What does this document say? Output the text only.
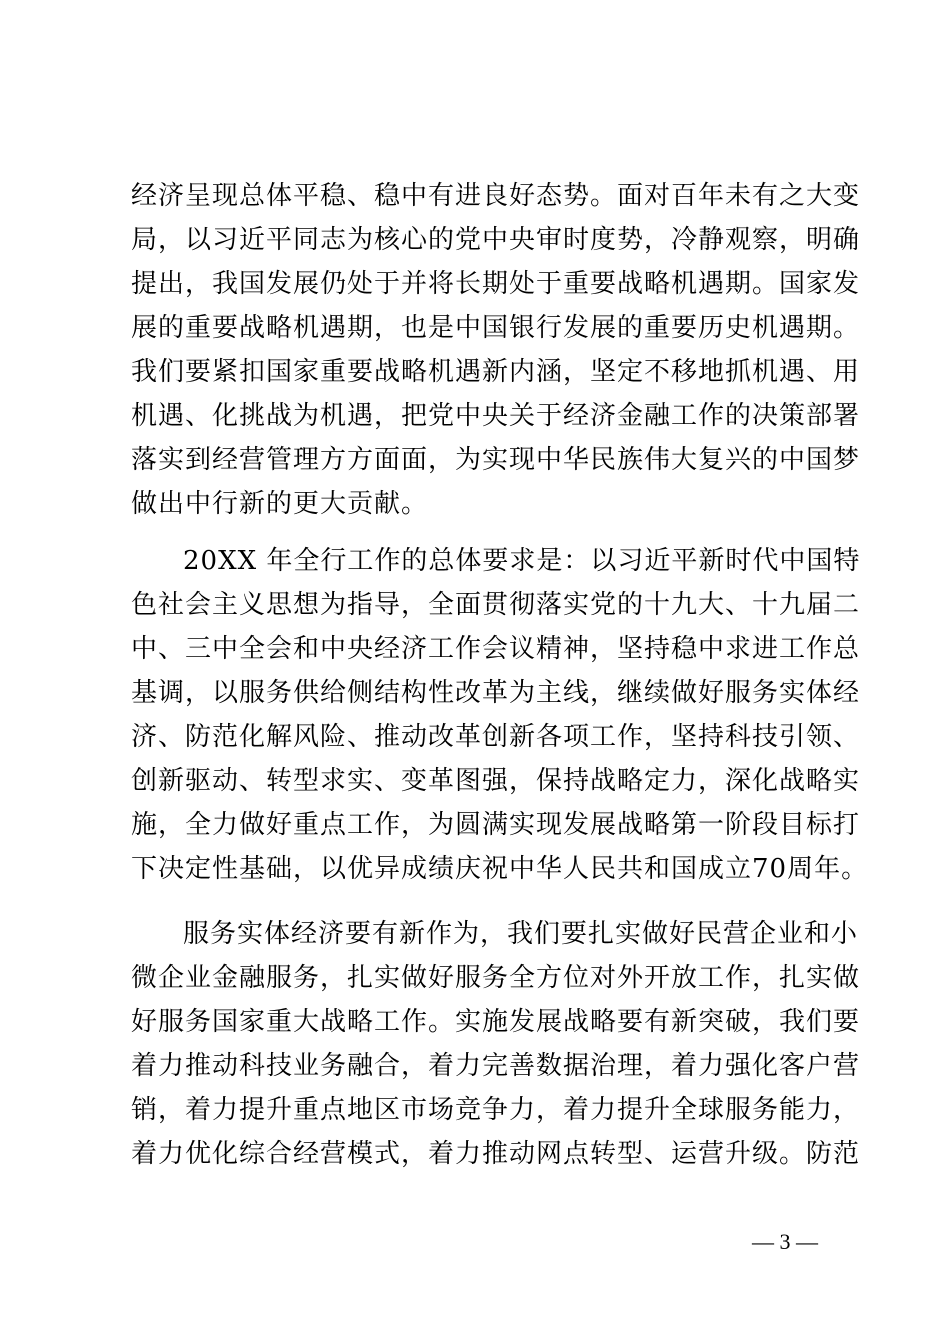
经济呈现总体平稳、稳中有进良好态势。面对百年未有之大变
局，以习近平同志为核心的党中央审时度势，冷静观察，明确
提出，我国发展仍处于并将长期处于重要战略机遇期。国家发
展的重要战略机遇期，也是中国银行发展的重要历史机遇期。
我们要紧扣国家重要战略机遇新内涵，坚定不移地抓机遇、用
机遇、化挑战为机遇，把党中央关于经济金融工作的决策部署
落实到经营管理方方面面，为实现中华民族伟大复兴的中国梦
做出中行新的更大贡献。
20XX 年全行工作的总体要求是：以习近平新时代中国特
色社会主义思想为指导，全面贯彻落实党的十九大、十九届二
中、三中全会和中央经济工作会议精神，坚持稳中求进工作总
基调，以服务供给侧结构性改革为主线，继续做好服务实体经
济、防范化解风险、推动改革创新各项工作，坚持科技引领、
创新驱动、转型求实、变革图强，保持战略定力，深化战略实
施，全力做好重点工作，为圆满实现发展战略第一阶段目标打
下决定性基础，以优异成绩庆祝中华人民共和国成立70周年。
服务实体经济要有新作为，我们要扎实做好民营企业和小
微企业金融服务，扎实做好服务全方位对外开放工作，扎实做
好服务国家重大战略工作。实施发展战略要有新突破，我们要
着力推动科技业务融合，着力完善数据治理，着力强化客户营
销，着力提升重点地区市场竞争力，着力提升全球服务能力，
着力优化综合经营模式，着力推动网点转型、运营升级。防范
— 3 —
